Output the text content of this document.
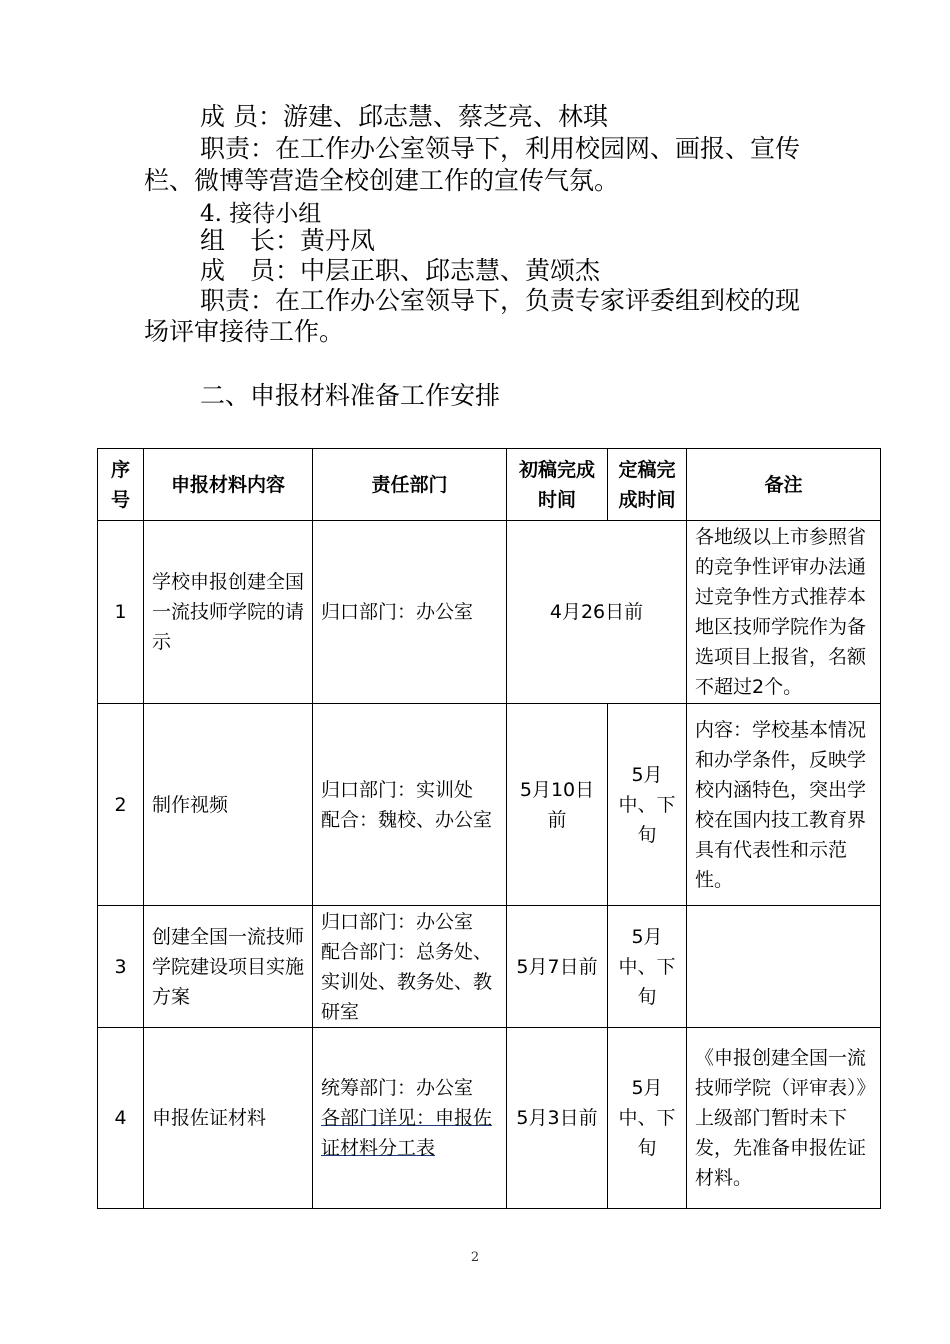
成 员：游建、邱志慧、蔡芝亮、林琪
职责：在工作办公室领导下，利用校园网、画报、宣传
栏、微博等营造全校创建工作的宣传气氛。
4. 接待小组
组　长：黄丹凤
成　员：中层正职、邱志慧、黄颂杰
职责：在工作办公室领导下，负责专家评委组到校的现
场评审接待工作。
二、申报材料准备工作安排
序号	申报材料内容	责任部门	初稿完成时间	定稿完成时间	备注
1	学校申报创建全国一流技师学院的请示	归口部门：办公室	4月26日前		各地级以上市参照省的竞争性评审办法通过竞争性方式推荐本地区技师学院作为备选项目上报省，名额不超过2个。
2	制作视频	归口部门：实训处
配合：魏校、办公室	5月10日前	5月中、下旬	内容：学校基本情况和办学条件，反映学校内涵特色，突出学校在国内技工教育界具有代表性和示范性。
3	创建全国一流技师学院建设项目实施方案	归口部门：办公室
配合部门：总务处、实训处、教务处、教研室	5月7日前	5月中、下旬	
4	申报佐证材料	统筹部门：办公室
各部门详见：申报佐证材料分工表	5月3日前	5月中、下旬	《申报创建全国一流技师学院（评审表）》上级部门暂时未下发，先准备申报佐证材料。
2
